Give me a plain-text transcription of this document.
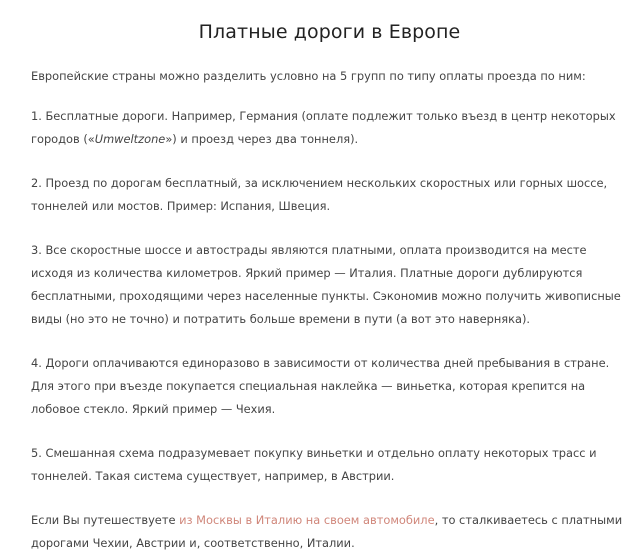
Платные дороги в Европе

Европейские страны можно разделить условно на 5 групп по типу оплаты проезда по ним:

1. Бесплатные дороги. Например, Германия (оплате подлежит только въезд в центр некоторых городов («Umweltzone») и проезд через два тоннеля).

2. Проезд по дорогам бесплатный, за исключением нескольких скоростных или горных шоссе, тоннелей или мостов. Пример: Испания, Швеция.

3. Все скоростные шоссе и автострады являются платными, оплата производится на месте исходя из количества километров. Яркий пример — Италия. Платные дороги дублируются бесплатными, проходящими через населенные пункты. Сэкономив можно получить живописные виды (но это не точно) и потратить больше времени в пути (а вот это наверняка).

4. Дороги оплачиваются единоразово в зависимости от количества дней пребывания в стране. Для этого при въезде покупается специальная наклейка — виньетка, которая крепится на лобовое стекло. Яркий пример — Чехия.

5. Смешанная схема подразумевает покупку виньетки и отдельно оплату некоторых трасс и тоннелей. Такая система существует, например, в Австрии.

Если Вы путешествуете из Москвы в Италию на своем автомобиле, то сталкиваетесь с платными дорогами Чехии, Австрии и, соответственно, Италии.
